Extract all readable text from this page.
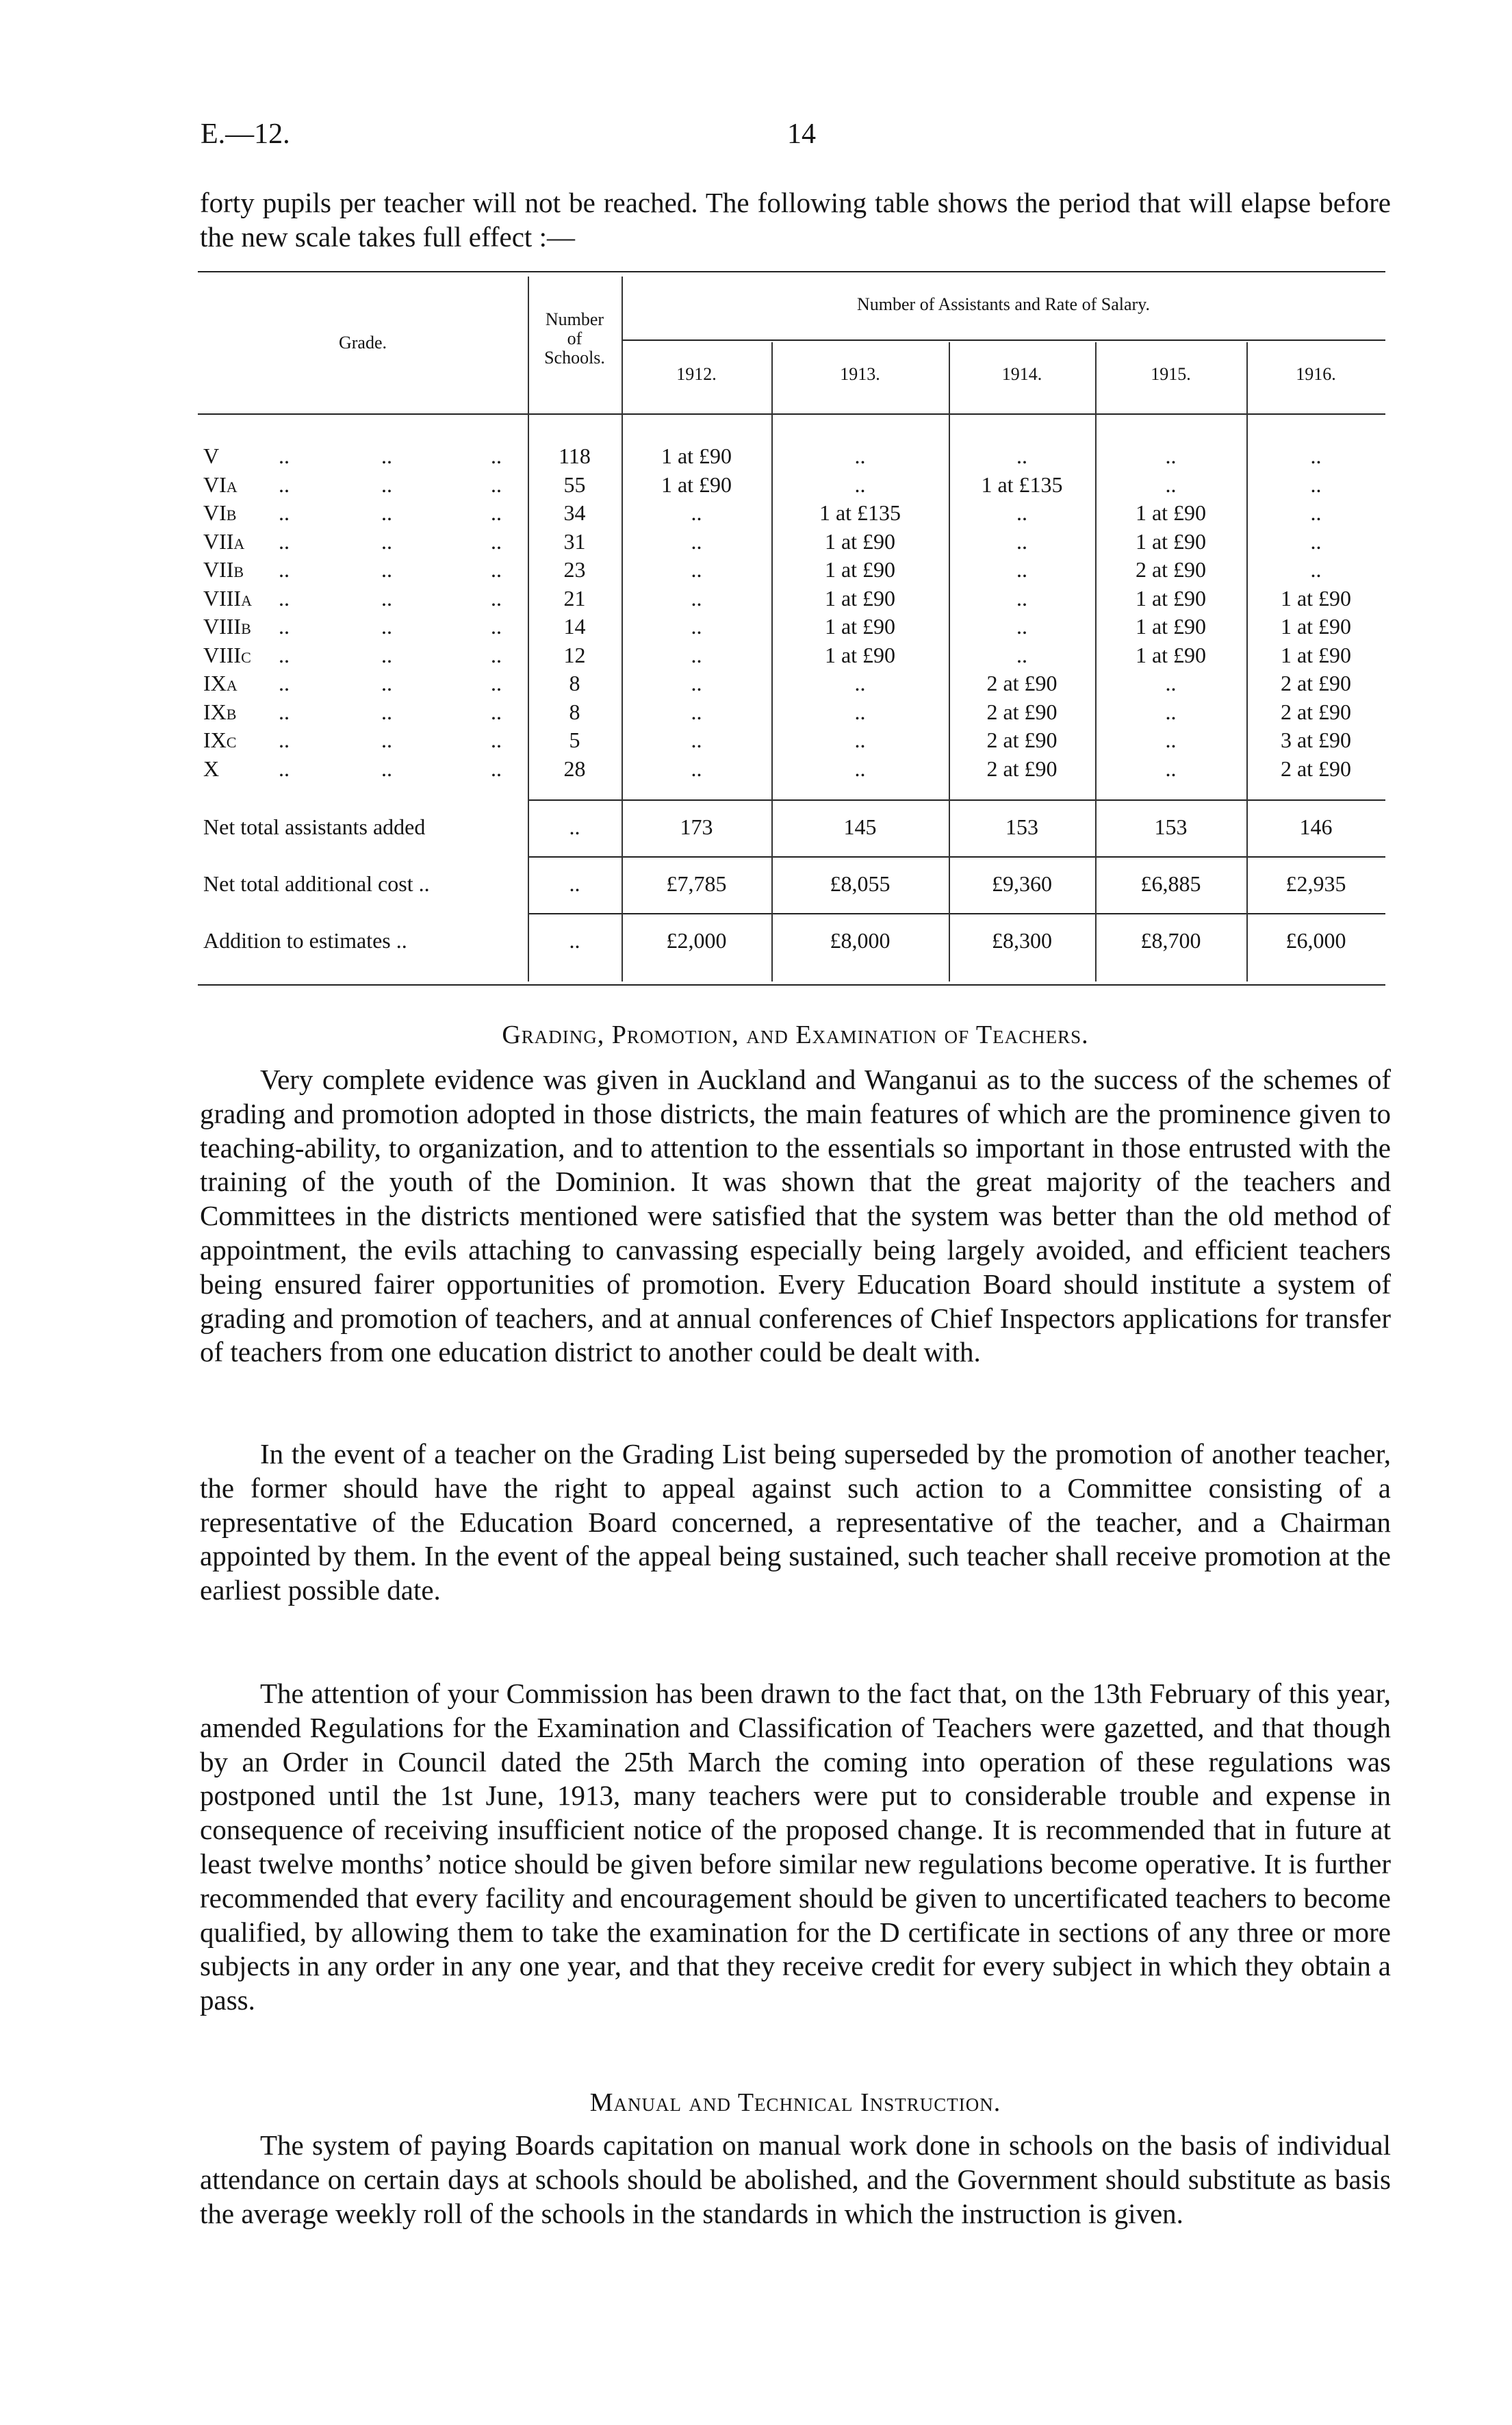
E.—12.	14
forty pupils per teacher will not be reached. The following table shows the period that will elapse before the new scale takes full effect :—
Grade.
Number
of
Schools.
Number of Assistants and Rate of Salary.
1912.	1913.	1914.	1915.	1916.
V	..	..	..	118	1 at £90	..	..	..	..
VIA ..	..	..	55	1 at £90	..	1 at £135	..	..
VIB ..	..	..	34	..	1 at £135	..	1 at £90	..
VIIA ..	..	..	31	..	1 at £90	..	1 at £90	..
VIIB ..	..	..	23	..	1 at £90	..	2 at £90	..
VIIIA ..	..	..	21	..	1 at £90	..	1 at £90	1 at £90
VIIIB ..	..	..	14	..	1 at £90	..	1 at £90	1 at £90
VIIIC ..	..	..	12	..	1 at £90	..	1 at £90	1 at £90
IXA ..	..	..	8	..	..	2 at £90	..	2 at £90
IXB ..	..	..	8	..	..	2 at £90	..	2 at £90
IXC ..	..	..	5	..	..	2 at £90	..	3 at £90
X	..	..	..	28	..	..	2 at £90	..	2 at £90
Net total assistants added	..	173	145	153	153	146
Net total additional cost ..	..	£7,785	£8,055	£9,360	£6,885	£2,935
Addition to estimates ..	..	£2,000	£8,000	£8,300	£8,700	£6,000
Grading, Promotion, and Examination of Teachers.
Very complete evidence was given in Auckland and Wanganui as to the success of the schemes of grading and promotion adopted in those districts, the main features of which are the prominence given to teaching-ability, to organization, and to attention to the essentials so important in those entrusted with the training of the youth of the Dominion. It was shown that the great majority of the teachers and Committees in the districts mentioned were satisfied that the system was better than the old method of appointment, the evils attaching to canvassing especially being largely avoided, and efficient teachers being ensured fairer opportunities of promotion. Every Education Board should institute a system of grading and promotion of teachers, and at annual conferences of Chief Inspectors applications for transfer of teachers from one education district to another could be dealt with.
In the event of a teacher on the Grading List being superseded by the promotion of another teacher, the former should have the right to appeal against such action to a Committee consisting of a representative of the Education Board concerned, a representative of the teacher, and a Chairman appointed by them. In the event of the appeal being sustained, such teacher shall receive promotion at the earliest possible date.
The attention of your Commission has been drawn to the fact that, on the 13th February of this year, amended Regulations for the Examination and Classification of Teachers were gazetted, and that though by an Order in Council dated the 25th March the coming into operation of these regulations was postponed until the 1st June, 1913, many teachers were put to considerable trouble and expense in consequence of receiving insufficient notice of the proposed change. It is recommended that in future at least twelve months’ notice should be given before similar new regulations become operative. It is further recommended that every facility and encouragement should be given to uncertificated teachers to become qualified, by allowing them to take the examination for the D certificate in sections of any three or more subjects in any order in any one year, and that they receive credit for every subject in which they obtain a pass.
Manual and Technical Instruction.
The system of paying Boards capitation on manual work done in schools on the basis of individual attendance on certain days at schools should be abolished, and the Government should substitute as basis the average weekly roll of the schools in the standards in which the instruction is given.
